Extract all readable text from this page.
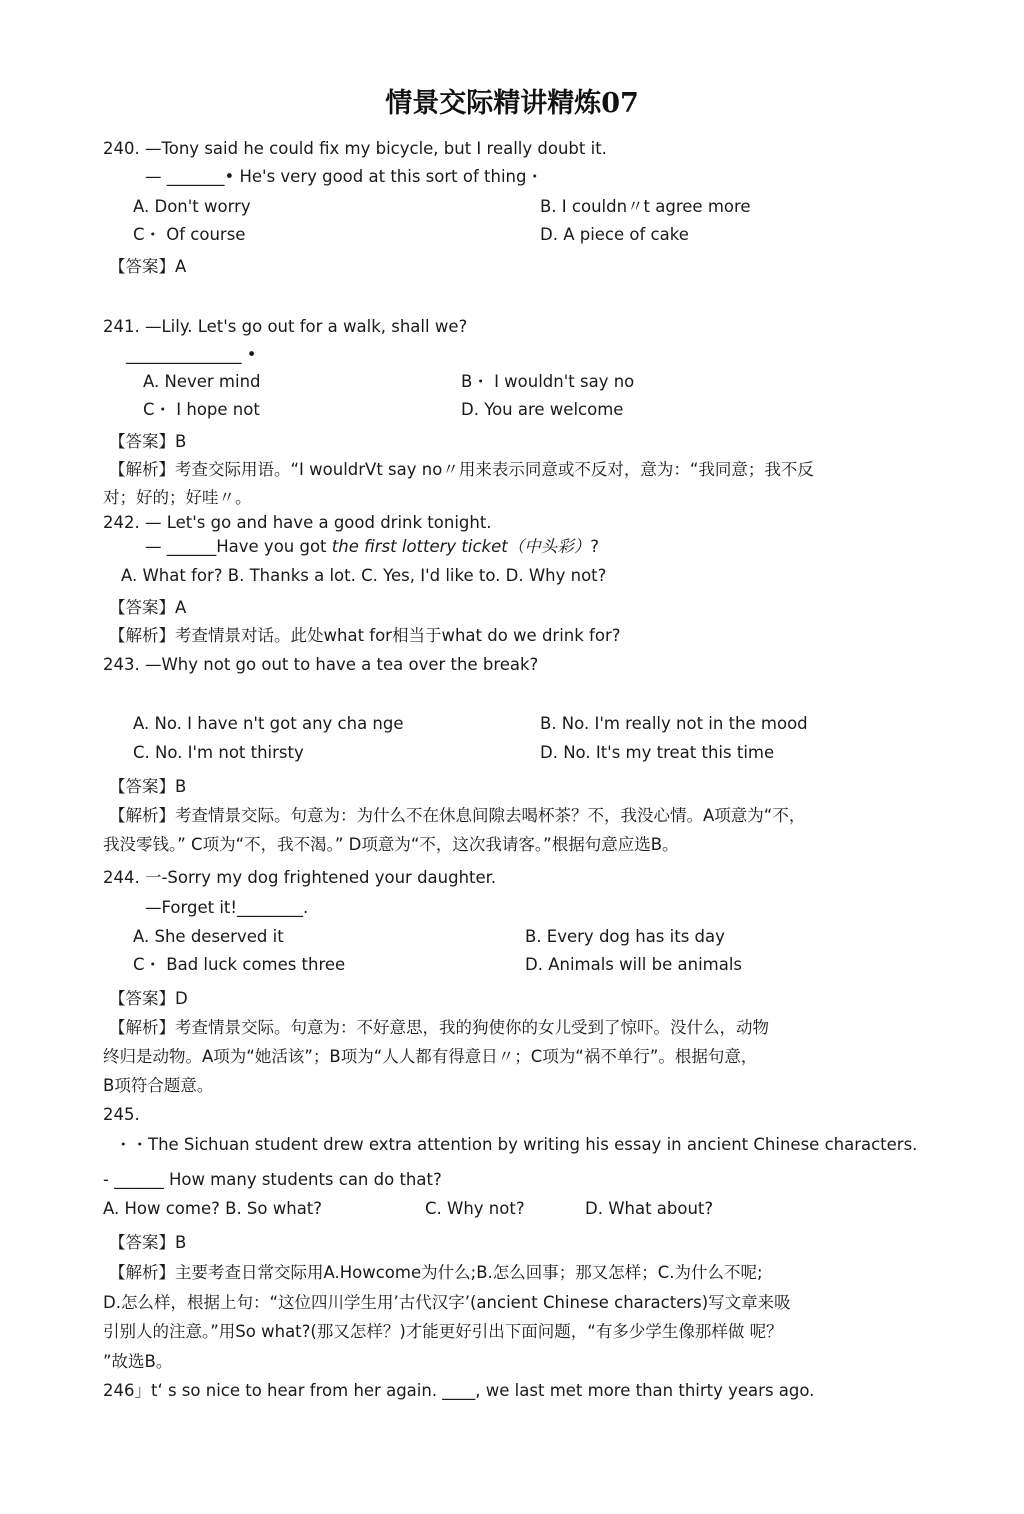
情景交际精讲精炼07
240. —Tony said he could fix my bicycle, but I really doubt it.
— _______• He's very good at this sort of thing・
A. Don't worry	B. I couldn〃t agree more
C・ Of course	D. A piece of cake
【答案】A
241. —Lily. Let's go out for a walk, shall we?
______________ •
A. Never mind	B・ I wouldn't say no
C・ I hope not	D. You are welcome
【答案】B
【解析】考查交际用语。“I wouldrVt say no〃用来表示同意或不反对，意为：“我同意；我不反
对；好的；好哇〃。
242. — Let's go and have a good drink tonight.
— ______Have you got the first lottery ticket（中头彩）?
A. What for? B. Thanks a lot. C. Yes, I'd like to. D. Why not?
【答案】A
【解析】考查情景对话。此处what for相当于what do we drink for?
243. —Why not go out to have a tea over the break?
A. No. I have n't got any cha nge	B. No. I'm really not in the mood
C. No. I'm not thirsty	D. No. It's my treat this time
【答案】B
【解析】考查情景交际。句意为：为什么不在休息间隙去喝杯茶？不，我没心情。A项意为“不，
我没零钱。” C项为“不，我不渴。” D项意为“不，这次我请客。”根据句意应选B。
244. 一-Sorry my dog frightened your daughter.
—Forget it!________.
A. She deserved it	B. Every dog has its day
C・ Bad luck comes three	D. Animals will be animals
【答案】D
【解析】考查情景交际。句意为：不好意思，我的狗使你的女儿受到了惊吓。没什么，动物
终归是动物。A项为“她活该”；B项为“人人都有得意日〃；C项为“祸不单行”。根据句意，
B项符合题意。
245.
・・The Sichuan student drew extra attention by writing his essay in ancient Chinese characters.
- ______ How many students can do that?
A. How come? B. So what?	C. Why not?	D. What about?
【答案】B
【解析】主要考查日常交际用A.Howcome为什么;B.怎么回事；那又怎样；C.为什么不呢;
D.怎么样，根据上句：“这位四川学生用’古代汉字’(ancient Chinese characters)写文章来吸
引别人的注意。”用So what?(那又怎样？)才能更好引出下面问题，“有多少学生像那样做 呢？
”故选B。
246」t‘ s so nice to hear from her again. ____, we last met more than thirty years ago.
